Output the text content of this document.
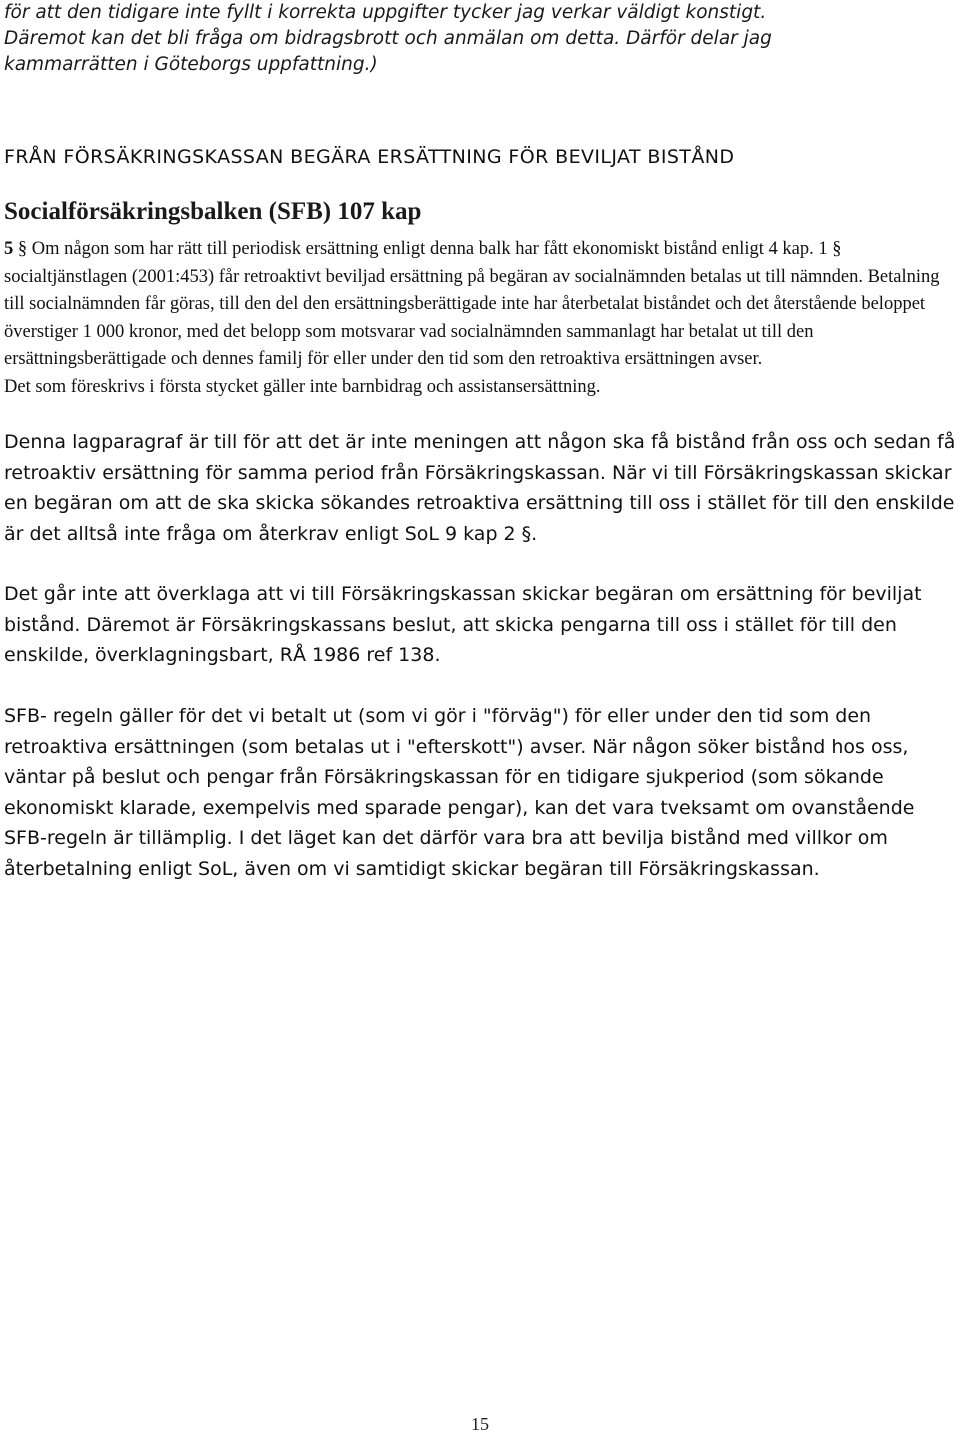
för att den tidigare inte fyllt i korrekta uppgifter tycker jag verkar väldigt konstigt.

Däremot kan det bli fråga om bidragsbrott och anmälan om detta. Därför delar jag

kammarrätten i Göteborgs uppfattning.)

FRÅN FÖRSÄKRINGSKASSAN BEGÄRA ERSÄTTNING FÖR BEVILJAT BISTÅND
Socialförsäkringsbalken (SFB) 107 kap

5 § Om någon som har rätt till periodisk ersättning enligt denna balk har fått ekonomiskt bistånd enligt 4 kap. 1 § socialtjänstlagen (2001:453) får retroaktivt beviljad ersättning på begäran av socialnämnden betalas ut till nämnden. Betalning till socialnämnden får göras, till den del den ersättningsberättigade inte har återbetalat biståndet och det återstående beloppet överstiger 1 000 kronor, med det belopp som motsvarar vad socialnämnden sammanlagt har betalat ut till den ersättningsberättigade och dennes familj för eller under den tid som den retroaktiva ersättningen avser.

Det som föreskrivs i första stycket gäller inte barnbidrag och assistansersättning.

Denna lagparagraf är till för att det är inte meningen att någon ska få bistånd från oss och sedan få retroaktiv ersättning för samma period från Försäkringskassan. När vi till Försäkringskassan skickar en begäran om att de ska skicka sökandes retroaktiva ersättning till oss i stället för till den enskilde är det alltså inte fråga om återkrav enligt SoL 9 kap 2 §.

Det går inte att överklaga att vi till Försäkringskassan skickar begäran om ersättning för beviljat bistånd. Däremot är Försäkringskassans beslut, att skicka pengarna till oss i stället för till den enskilde, överklagningsbart, RÅ 1986 ref 138.

SFB- regeln gäller för det vi betalt ut (som vi gör i "förväg") för eller under den tid som den retroaktiva ersättningen (som betalas ut i "efterskott") avser. När någon söker bistånd hos oss, väntar på beslut och pengar från Försäkringskassan för en tidigare sjukperiod (som sökande ekonomiskt klarade, exempelvis med sparade pengar), kan det vara tveksamt om ovanstående SFB-regeln är tillämplig. I det läget kan det därför vara bra att bevilja bistånd med villkor om återbetalning enligt SoL, även om vi samtidigt skickar begäran till Försäkringskassan.

15
